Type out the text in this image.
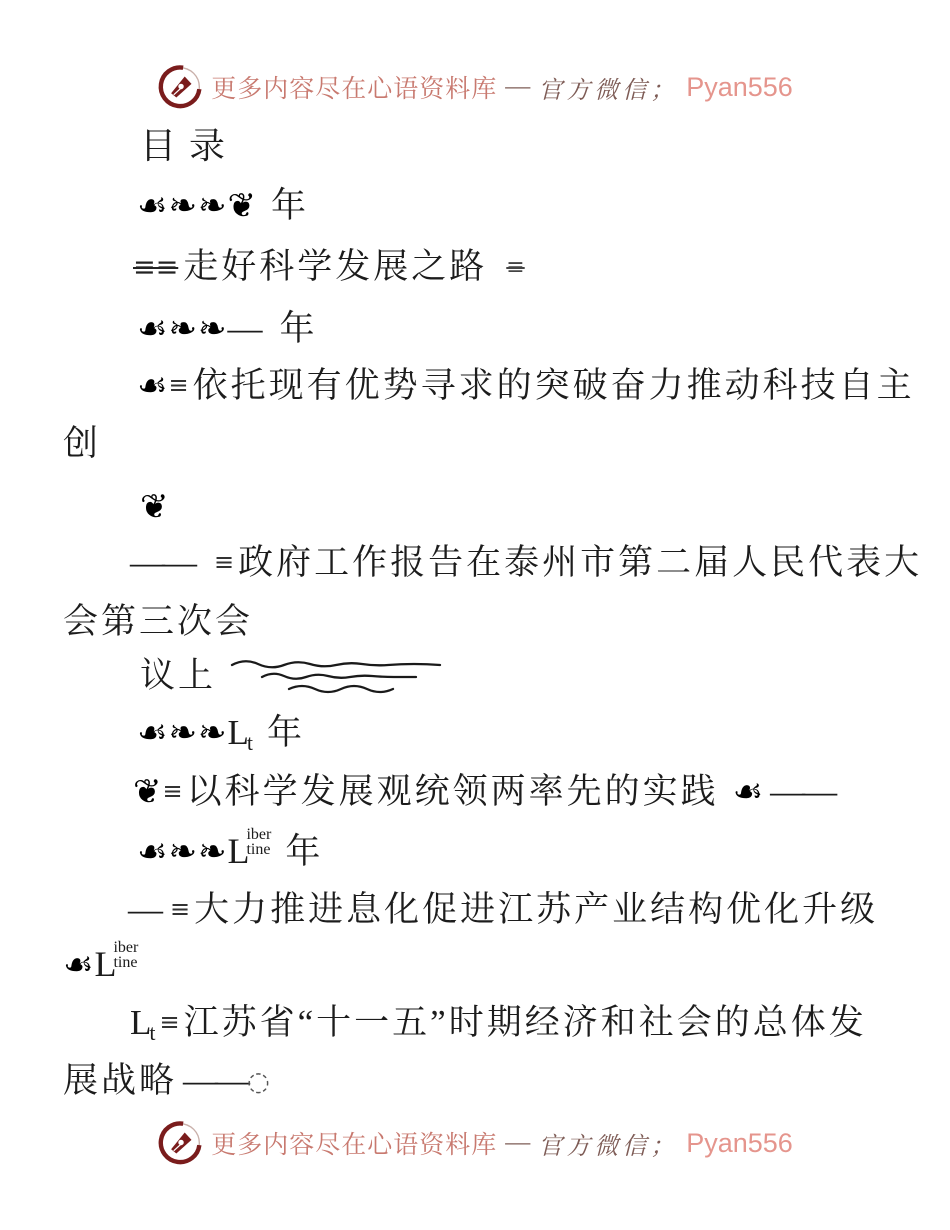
更多内容尽在心语资料库 — 官方微信； Pyan556
目 录
☙❧❧❦ 年
≡≡ 走好科学发展之路 ≡
☙❧❧— 年
☙≡ 依托现有优势寻求的突破奋力推动科技自主
创
❦
—— ≡ 政府工作报告在泰州市第二届人民代表大
会第三次会
议上
☙❧❧Lt 年
❦≡ 以科学发展观统领两率先的实践 ☙ ——
☙❧❧ L
iber
tine 年
— ≡ 大力推进息化促进江苏产业结构优化升级
☙ L
iber
tine
Lt ≡ 江苏省“十一五”时期经济和社会的总体发
展战略 ——◌
更多内容尽在心语资料库 — 官方微信； Pyan556
